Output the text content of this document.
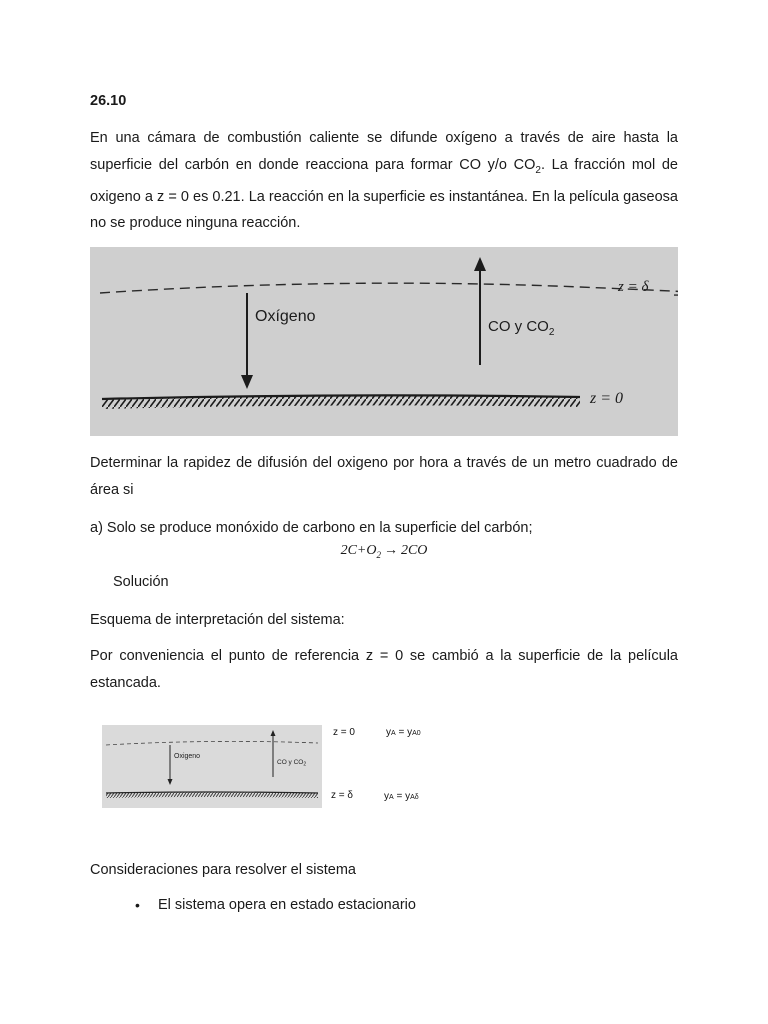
26.10
En una cámara de combustión caliente se difunde oxígeno a través de aire hasta la superficie del carbón en donde reacciona para formar CO y/o $CO_2$. La fracción mol de oxigeno a z = 0 es 0.21. La reacción en la superficie es instantánea. En la película gaseosa no se produce ninguna reacción.
Oxígeno
CO y $CO_2$
z = δ
z = 0
Determinar la rapidez de difusión del oxigeno por hora a través de un metro cuadrado de área si
a) Solo se produce monóxido de carbono en la superficie del carbón;
$2C+O_2 \to 2CO$
Solución
Esquema de interpretación del sistema:
Por conveniencia el punto de referencia z = 0 se cambió a la superficie de la película estancada.
Oxigeno
CO y $CO_2$
z = 0	yA = yA0
z = δ	yA = yAδ
Consideraciones para resolver el sistema
• El sistema opera en estado estacionario
